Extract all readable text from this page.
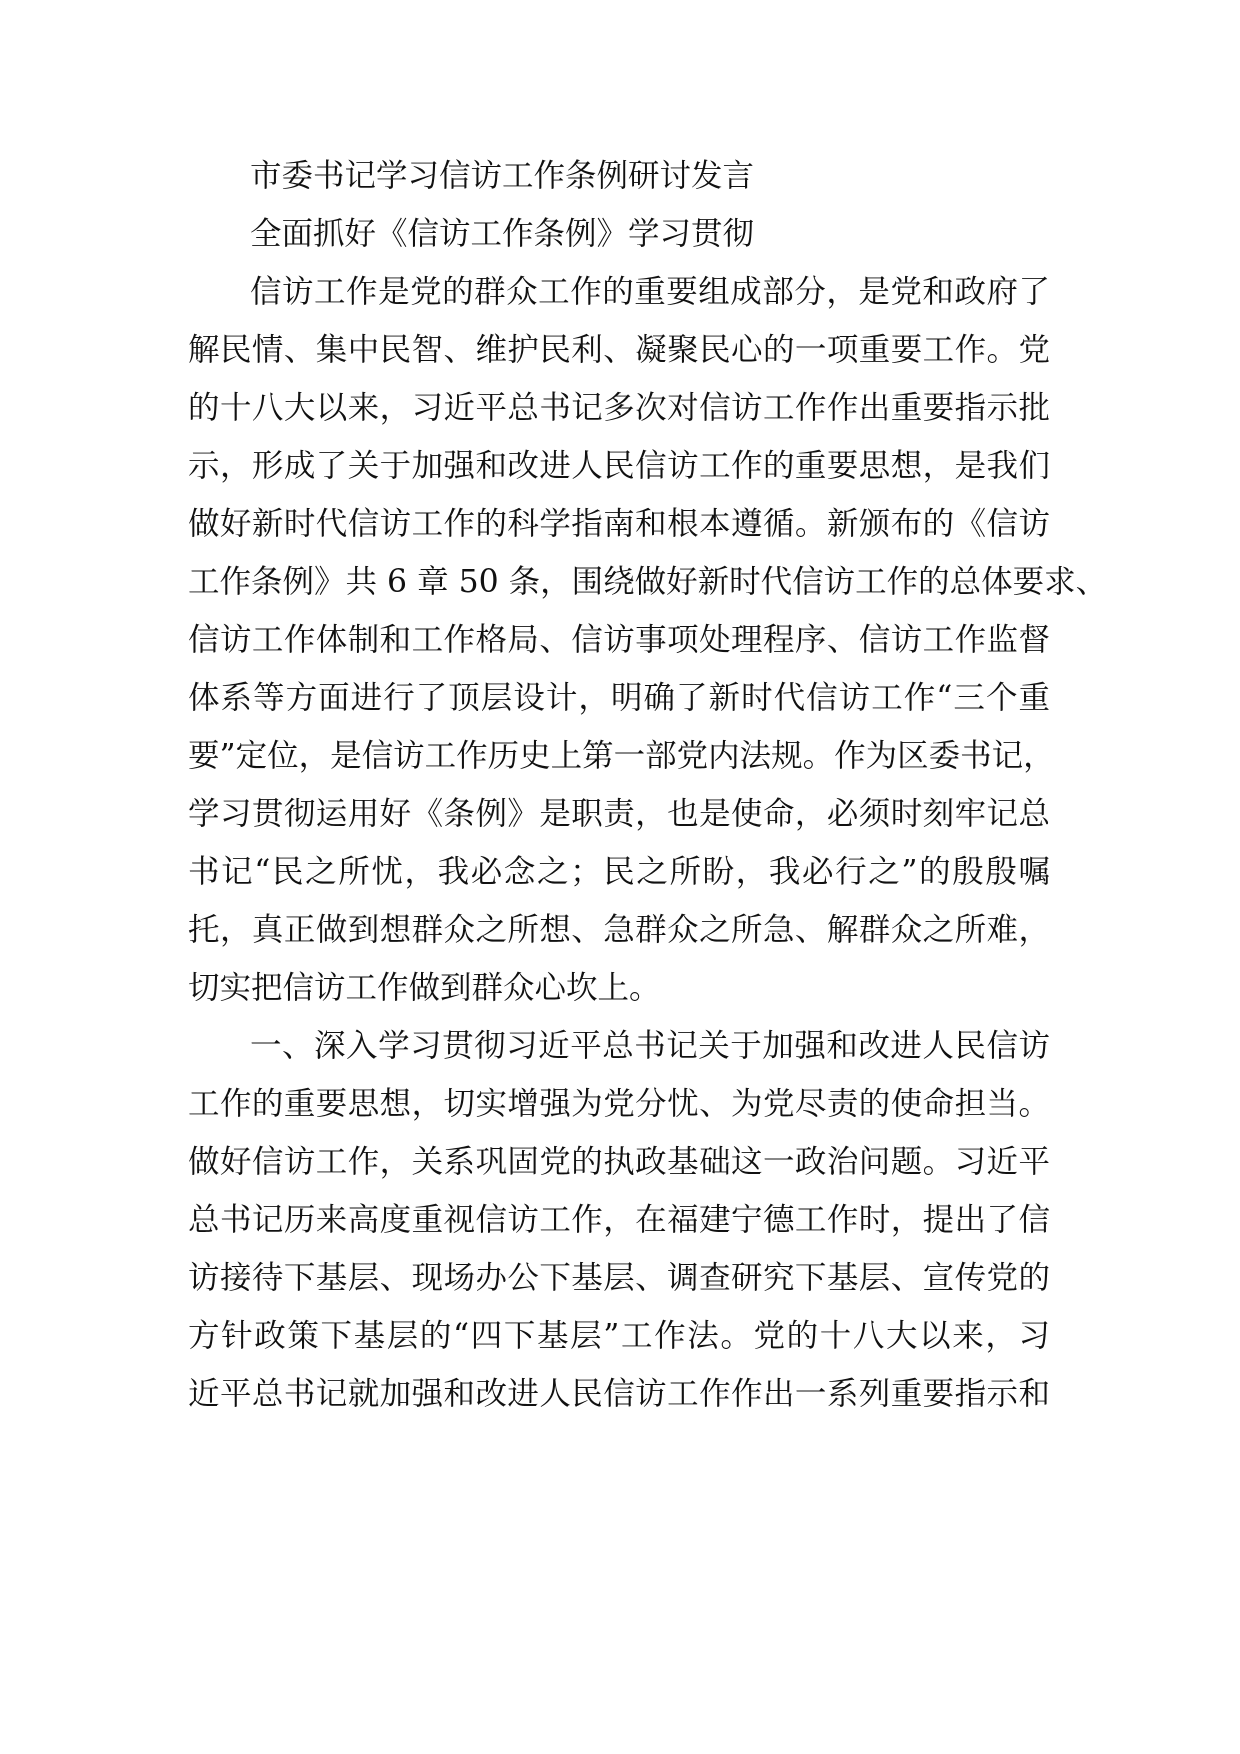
市委书记学习信访工作条例研讨发言
全面抓好《信访工作条例》学习贯彻
信访工作是党的群众工作的重要组成部分，是党和政府了
解民情、集中民智、维护民利、凝聚民心的一项重要工作。党
的十八大以来，习近平总书记多次对信访工作作出重要指示批
示，形成了关于加强和改进人民信访工作的重要思想，是我们
做好新时代信访工作的科学指南和根本遵循。新颁布的《信访
工作条例》共 6 章 50 条，围绕做好新时代信访工作的总体要求、
信访工作体制和工作格局、信访事项处理程序、信访工作监督
体系等方面进行了顶层设计，明确了新时代信访工作“三个重
要”定位，是信访工作历史上第一部党内法规。作为区委书记，
学习贯彻运用好《条例》是职责，也是使命，必须时刻牢记总
书记“民之所忧，我必念之；民之所盼，我必行之”的殷殷嘱
托，真正做到想群众之所想、急群众之所急、解群众之所难，
切实把信访工作做到群众心坎上。
一、深入学习贯彻习近平总书记关于加强和改进人民信访
工作的重要思想，切实增强为党分忧、为党尽责的使命担当。
做好信访工作，关系巩固党的执政基础这一政治问题。习近平
总书记历来高度重视信访工作，在福建宁德工作时，提出了信
访接待下基层、现场办公下基层、调查研究下基层、宣传党的
方针政策下基层的“四下基层”工作法。党的十八大以来，习
近平总书记就加强和改进人民信访工作作出一系列重要指示和
